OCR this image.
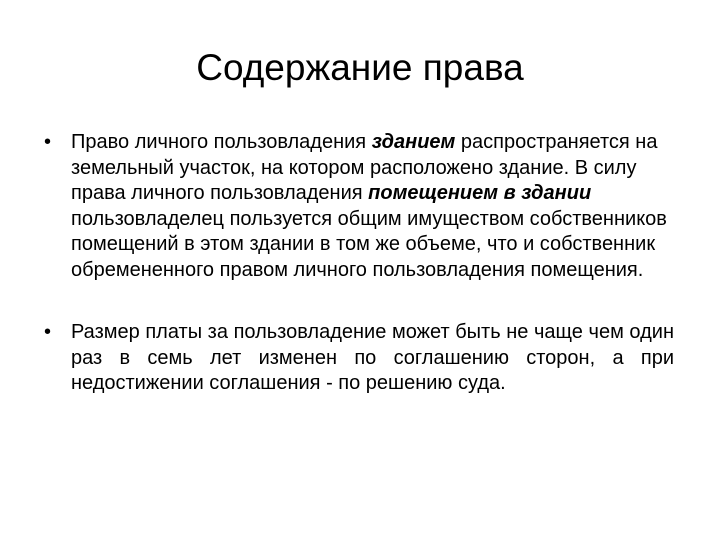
Содержание права
• Право личного пользовладения зданием распространяется на земельный участок, на котором расположено здание. В силу права личного пользовладения помещением в здании пользовладелец пользуется общим имуществом собственников помещений в этом здании в том же объеме, что и собственник обремененного правом личного пользовладения помещения.
• Размер платы за пользовладение может быть не чаще чем один раз в семь лет изменен по соглашению сторон, а при недостижении соглашения - по решению суда.
